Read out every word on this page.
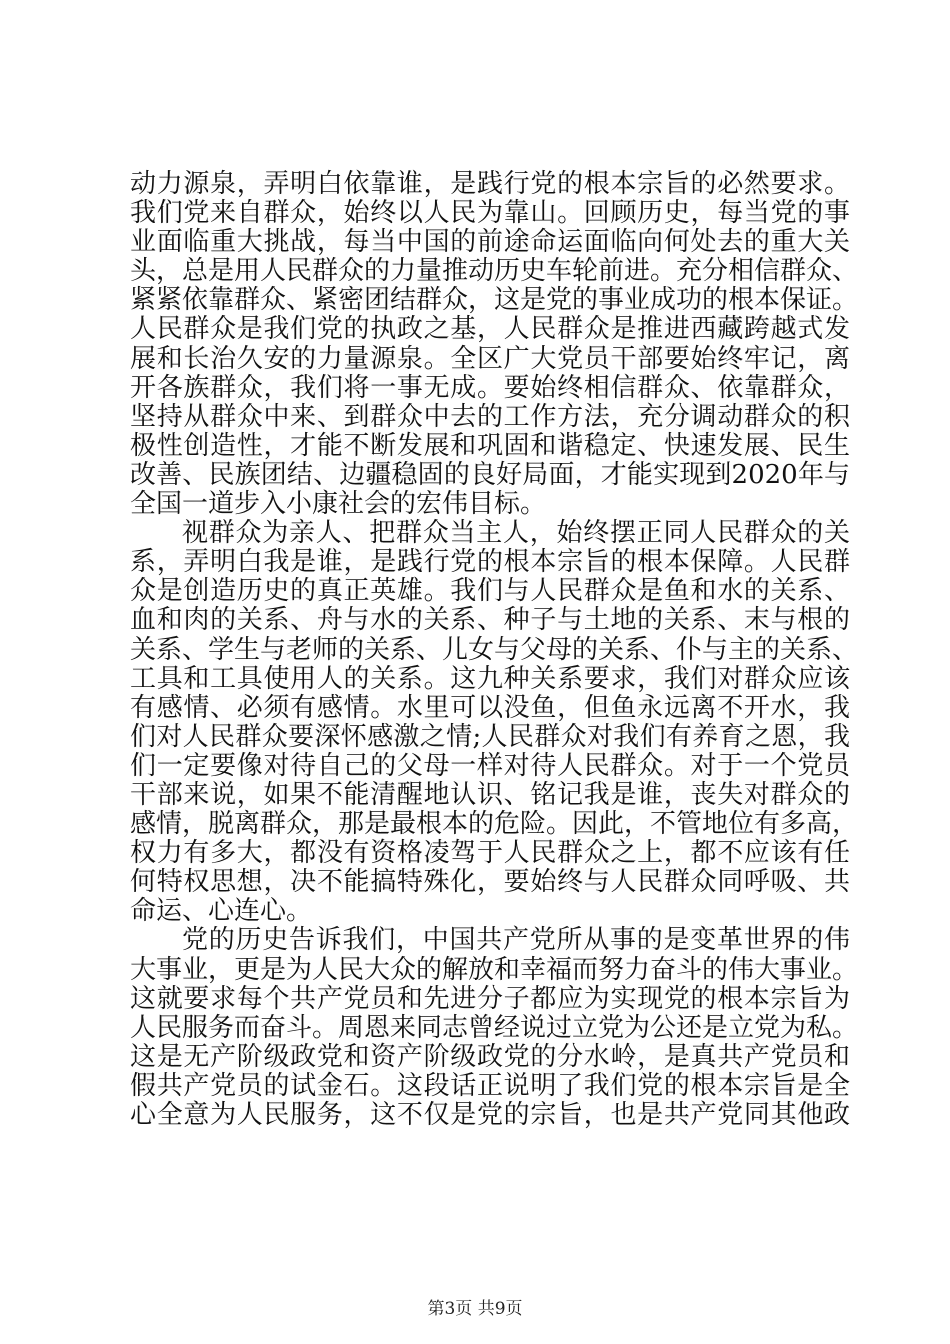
动力源泉，弄明白依靠谁，是践行党的根本宗旨的必然要求。
我们党来自群众，始终以人民为靠山。回顾历史，每当党的事
业面临重大挑战，每当中国的前途命运面临向何处去的重大关
头，总是用人民群众的力量推动历史车轮前进。充分相信群众、
紧紧依靠群众、紧密团结群众，这是党的事业成功的根本保证。
人民群众是我们党的执政之基，人民群众是推进西藏跨越式发
展和长治久安的力量源泉。全区广大党员干部要始终牢记，离
开各族群众，我们将一事无成。要始终相信群众、依靠群众，
坚持从群众中来、到群众中去的工作方法，充分调动群众的积
极性创造性，才能不断发展和巩固和谐稳定、快速发展、民生
改善、民族团结、边疆稳固的良好局面，才能实现到2020年与
全国一道步入小康社会的宏伟目标。
视群众为亲人、把群众当主人，始终摆正同人民群众的关
系，弄明白我是谁，是践行党的根本宗旨的根本保障。人民群
众是创造历史的真正英雄。我们与人民群众是鱼和水的关系、
血和肉的关系、舟与水的关系、种子与土地的关系、末与根的
关系、学生与老师的关系、儿女与父母的关系、仆与主的关系、
工具和工具使用人的关系。这九种关系要求，我们对群众应该
有感情、必须有感情。水里可以没鱼，但鱼永远离不开水，我
们对人民群众要深怀感激之情;人民群众对我们有养育之恩，我
们一定要像对待自己的父母一样对待人民群众。对于一个党员
干部来说，如果不能清醒地认识、铭记我是谁，丧失对群众的
感情，脱离群众，那是最根本的危险。因此，不管地位有多高，
权力有多大，都没有资格凌驾于人民群众之上，都不应该有任
何特权思想，决不能搞特殊化，要始终与人民群众同呼吸、共
命运、心连心。
党的历史告诉我们，中国共产党所从事的是变革世界的伟
大事业，更是为人民大众的解放和幸福而努力奋斗的伟大事业。
这就要求每个共产党员和先进分子都应为实现党的根本宗旨为
人民服务而奋斗。周恩来同志曾经说过立党为公还是立党为私。
这是无产阶级政党和资产阶级政党的分水岭，是真共产党员和
假共产党员的试金石。这段话正说明了我们党的根本宗旨是全
心全意为人民服务，这不仅是党的宗旨，也是共产党同其他政
第3页 共9页
